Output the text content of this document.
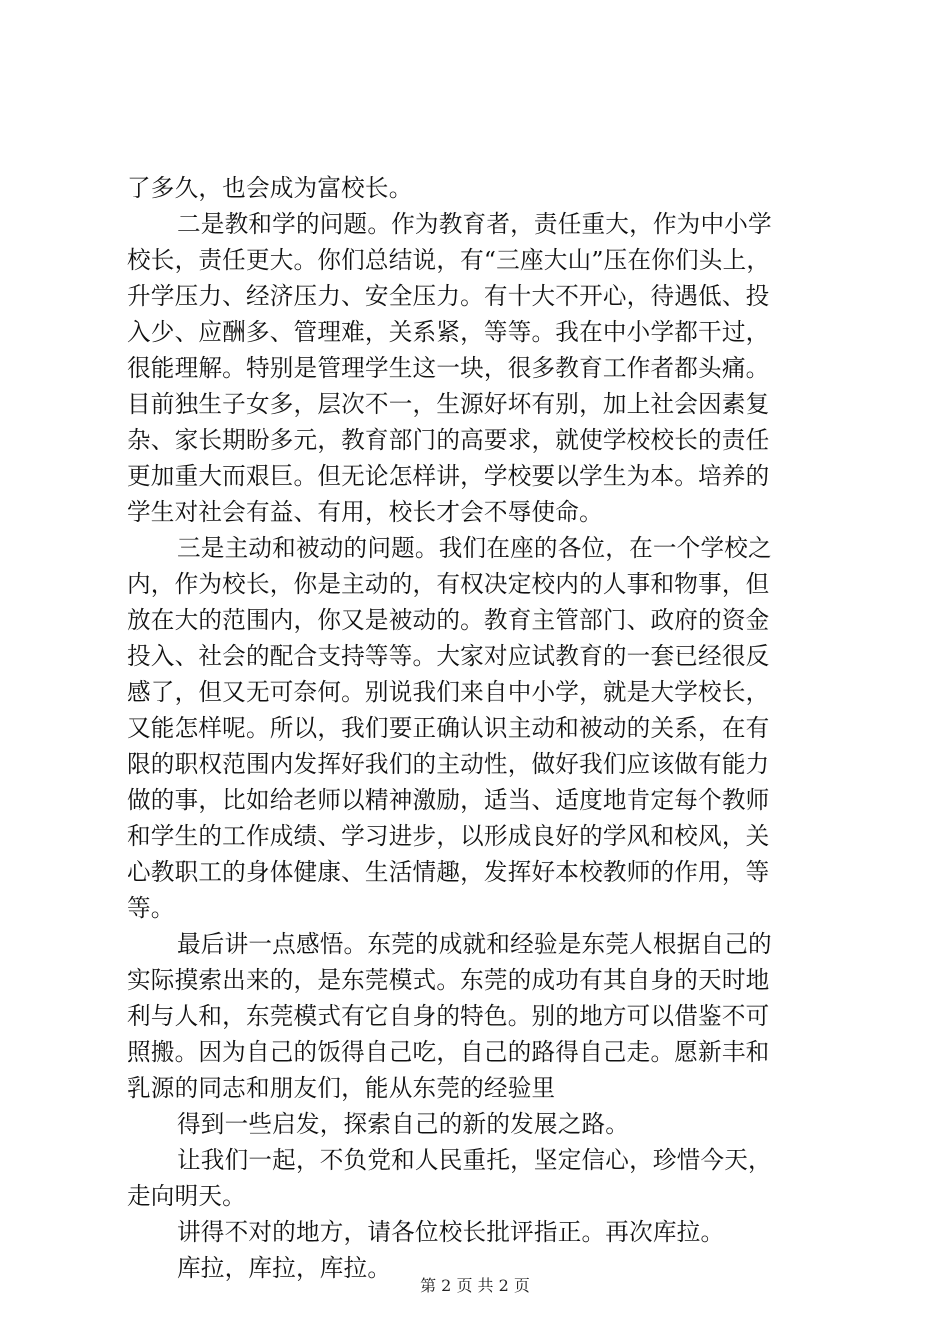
了多久，也会成为富校长。
二是教和学的问题。作为教育者，责任重大，作为中小学
校长，责任更大。你们总结说，有“三座大山”压在你们头上，
升学压力、经济压力、安全压力。有十大不开心，待遇低、投
入少、应酬多、管理难，关系紧，等等。我在中小学都干过，
很能理解。特别是管理学生这一块，很多教育工作者都头痛。
目前独生子女多，层次不一，生源好坏有别，加上社会因素复
杂、家长期盼多元，教育部门的高要求，就使学校校长的责任
更加重大而艰巨。但无论怎样讲，学校要以学生为本。培养的
学生对社会有益、有用，校长才会不辱使命。
三是主动和被动的问题。我们在座的各位，在一个学校之
内，作为校长，你是主动的，有权决定校内的人事和物事，但
放在大的范围内，你又是被动的。教育主管部门、政府的资金
投入、社会的配合支持等等。大家对应试教育的一套已经很反
感了，但又无可奈何。别说我们来自中小学，就是大学校长，
又能怎样呢。所以，我们要正确认识主动和被动的关系，在有
限的职权范围内发挥好我们的主动性，做好我们应该做有能力
做的事，比如给老师以精神激励，适当、适度地肯定每个教师
和学生的工作成绩、学习进步，以形成良好的学风和校风，关
心教职工的身体健康、生活情趣，发挥好本校教师的作用，等
等。
最后讲一点感悟。东莞的成就和经验是东莞人根据自己的
实际摸索出来的，是东莞模式。东莞的成功有其自身的天时地
利与人和，东莞模式有它自身的特色。别的地方可以借鉴不可
照搬。因为自己的饭得自己吃，自己的路得自己走。愿新丰和
乳源的同志和朋友们，能从东莞的经验里
得到一些启发，探索自己的新的发展之路。
让我们一起，不负党和人民重托，坚定信心，珍惜今天，
走向明天。
讲得不对的地方，请各位校长批评指正。再次库拉。
库拉，库拉，库拉。
第 2 页 共 2 页
